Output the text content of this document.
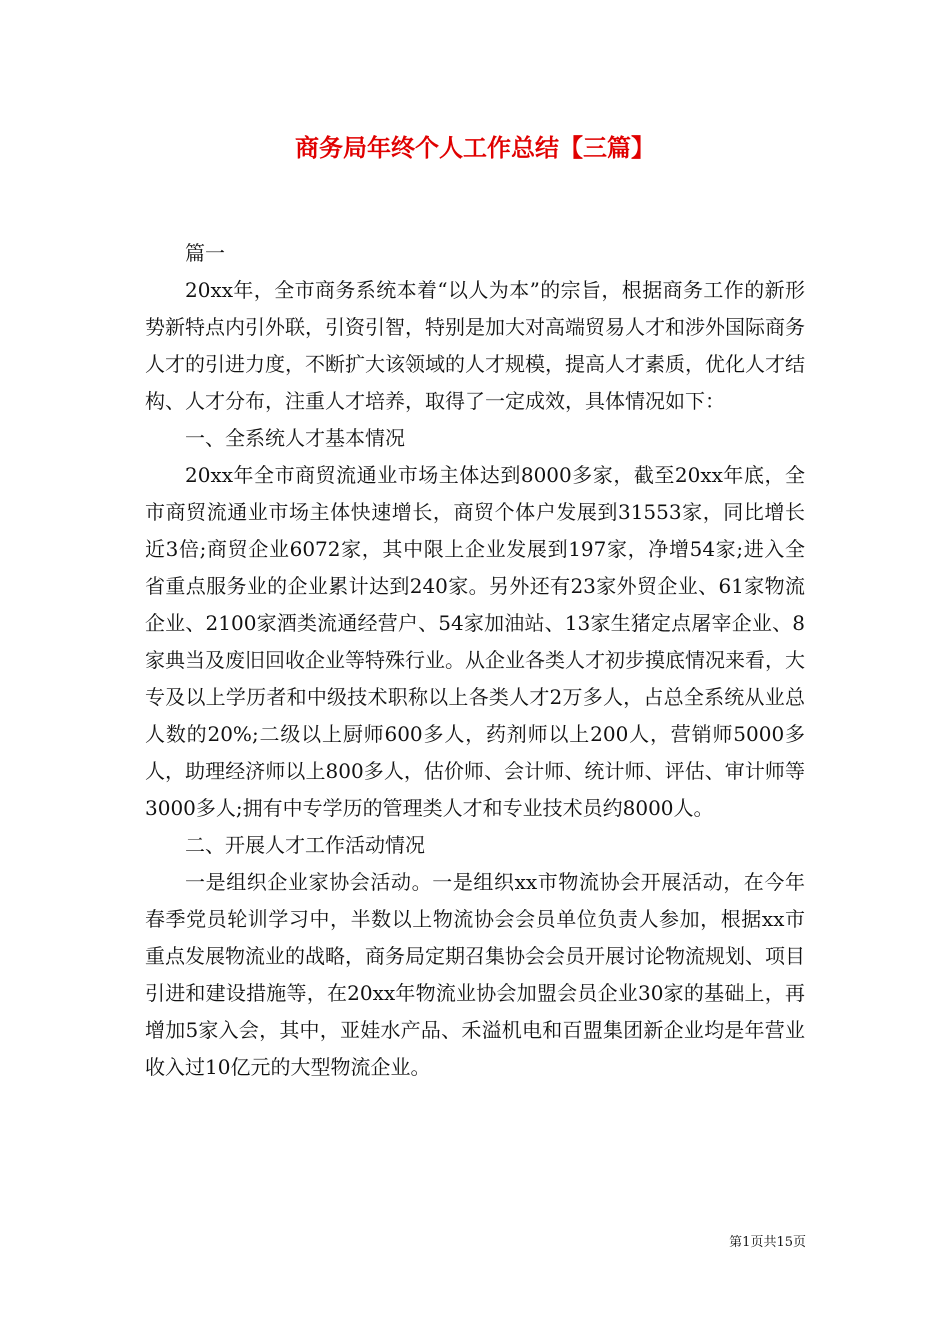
商务局年终个人工作总结【三篇】

篇一

20xx年，全市商务系统本着“以人为本”的宗旨，根据商务工作的新形势新特点内引外联，引资引智，特别是加大对高端贸易人才和涉外国际商务人才的引进力度，不断扩大该领域的人才规模，提高人才素质，优化人才结构、人才分布，注重人才培养，取得了一定成效，具体情况如下：

一、全系统人才基本情况

20xx年全市商贸流通业市场主体达到8000多家，截至20xx年底，全市商贸流通业市场主体快速增长，商贸个体户发展到31553家，同比增长近3倍;商贸企业6072家，其中限上企业发展到197家，净增54家;进入全省重点服务业的企业累计达到240家。另外还有23家外贸企业、61家物流企业、2100家酒类流通经营户、54家加油站、13家生猪定点屠宰企业、8家典当及废旧回收企业等特殊行业。从企业各类人才初步摸底情况来看，大专及以上学历者和中级技术职称以上各类人才2万多人，占总全系统从业总人数的20%;二级以上厨师600多人，药剂师以上200人，营销师5000多人，助理经济师以上800多人，估价师、会计师、统计师、评估、审计师等3000多人;拥有中专学历的管理类人才和专业技术员约8000人。

二、开展人才工作活动情况

一是组织企业家协会活动。一是组织xx市物流协会开展活动，在今年春季党员轮训学习中，半数以上物流协会会员单位负责人参加，根据xx市重点发展物流业的战略，商务局定期召集协会会员开展讨论物流规划、项目引进和建设措施等，在20xx年物流业协会加盟会员企业30家的基础上，再增加5家入会，其中，亚娃水产品、禾溢机电和百盟集团新企业均是年营业收入过10亿元的大型物流企业。

第1页共15页
